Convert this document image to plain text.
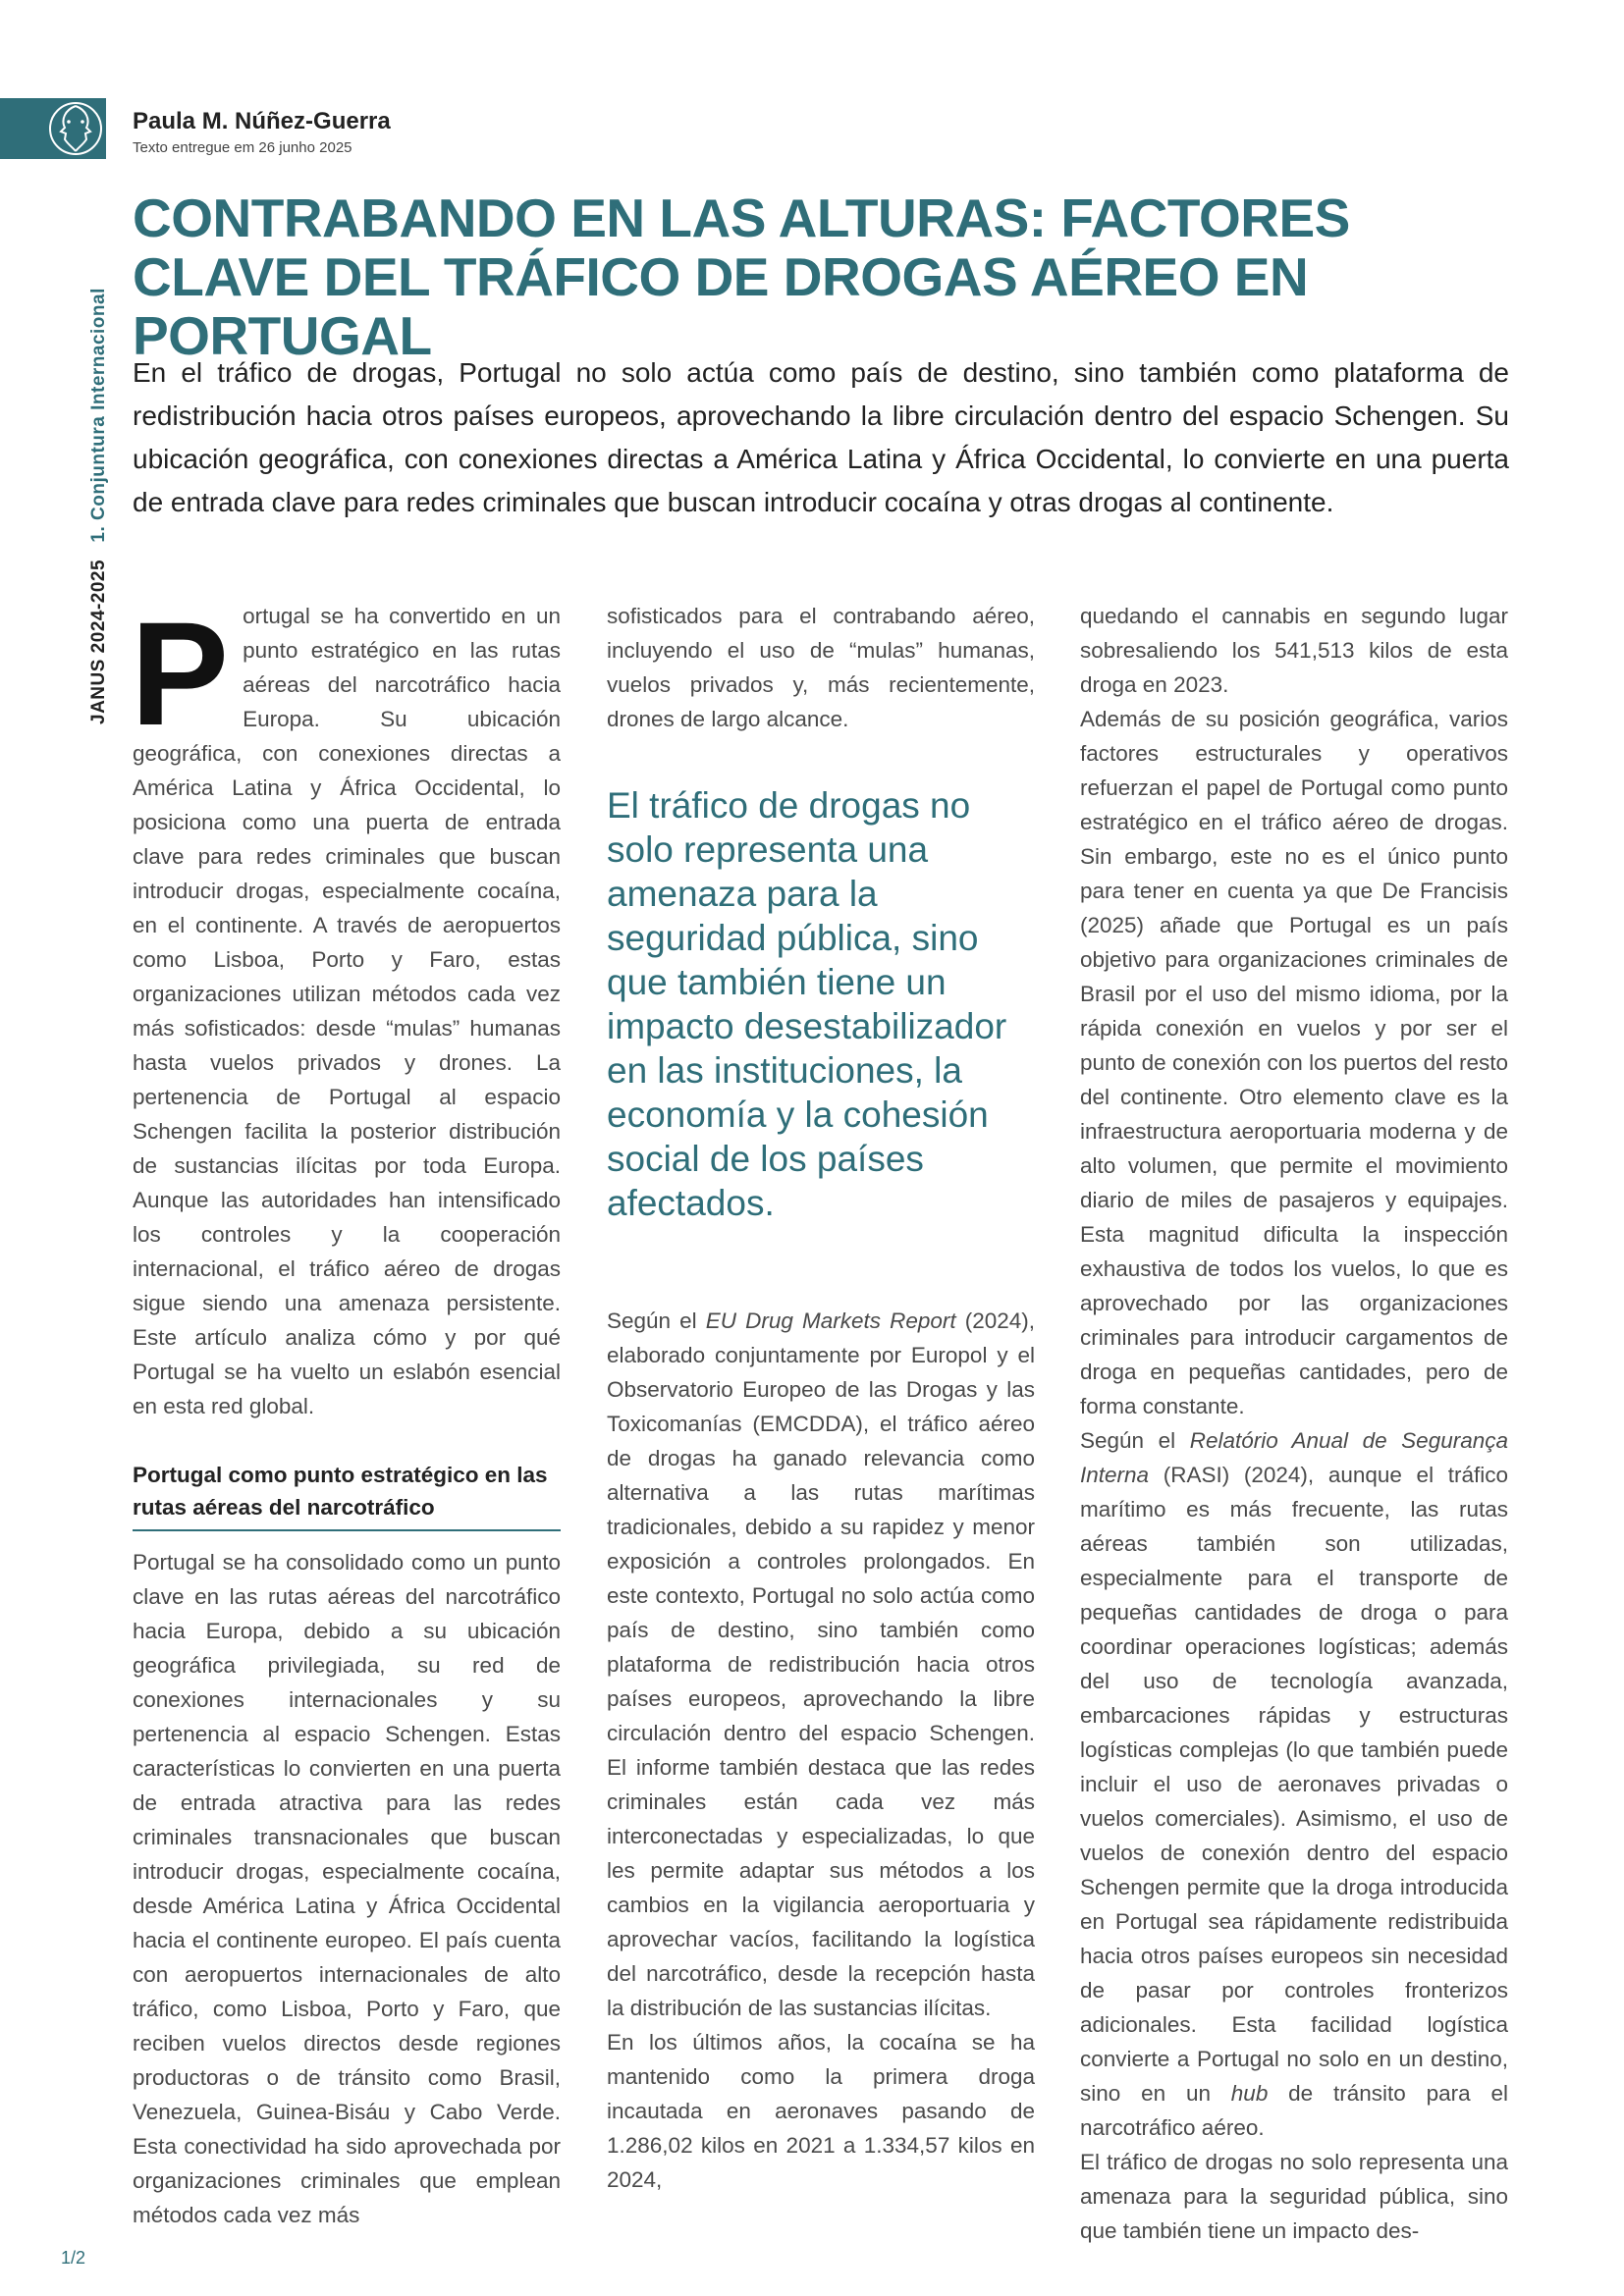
Paula M. Núñez-Guerra
Texto entregue em 26 junho 2025
JANUS 2024-2025   1. Conjuntura Internacional
CONTRABANDO EN LAS ALTURAS: FACTORES CLAVE DEL TRÁFICO DE DROGAS AÉREO EN PORTUGAL

En el tráfico de drogas, Portugal no solo actúa como país de destino, sino también como plataforma de redistribución hacia otros países europeos, aprovechando la libre circulación dentro del espacio Schengen. Su ubicación geográfica, con conexiones directas a América Latina y África Occidental, lo convierte en una puerta de entrada clave para redes criminales que buscan introducir cocaína y otras drogas al continente.

Portugal se ha convertido en un punto estratégico en las rutas aéreas del narcotráfico hacia Europa. Su ubicación geográfica, con conexiones directas a América Latina y África Occidental, lo posiciona como una puerta de entrada clave para redes criminales que buscan introducir drogas, especialmente cocaína, en el continente. A través de aeropuertos como Lisboa, Porto y Faro, estas organizaciones utilizan métodos cada vez más sofisticados: desde “mulas” humanas hasta vuelos privados y drones. La pertenencia de Portugal al espacio Schengen facilita la posterior distribución de sustancias ilícitas por toda Europa. Aunque las autoridades han intensificado los controles y la cooperación internacional, el tráfico aéreo de drogas sigue siendo una amenaza persistente. Este artículo analiza cómo y por qué Portugal se ha vuelto un eslabón esencial en esta red global.

Portugal como punto estratégico en las rutas aéreas del narcotráfico

Portugal se ha consolidado como un punto clave en las rutas aéreas del narcotráfico hacia Europa, debido a su ubicación geográfica privilegiada, su red de conexiones internacionales y su pertenencia al espacio Schengen. Estas características lo convierten en una puerta de entrada atractiva para las redes criminales transnacionales que buscan introducir drogas, especialmente cocaína, desde América Latina y África Occidental hacia el continente europeo. El país cuenta con aeropuertos internacionales de alto tráfico, como Lisboa, Porto y Faro, que reciben vuelos directos desde regiones productoras o de tránsito como Brasil, Venezuela, Guinea-Bisáu y Cabo Verde. Esta conectividad ha sido aprovechada por organizaciones criminales que emplean métodos cada vez más

sofisticados para el contrabando aéreo, incluyendo el uso de “mulas” humanas, vuelos privados y, más recientemente, drones de largo alcance.

El tráfico de drogas no solo representa una amenaza para la seguridad pública, sino que también tiene un impacto desestabilizador en las instituciones, la economía y la cohesión social de los países afectados.

Según el EU Drug Markets Report (2024), elaborado conjuntamente por Europol y el Observatorio Europeo de las Drogas y las Toxicomanías (EMCDDA), el tráfico aéreo de drogas ha ganado relevancia como alternativa a las rutas marítimas tradicionales, debido a su rapidez y menor exposición a controles prolongados. En este contexto, Portugal no solo actúa como país de destino, sino también como plataforma de redistribución hacia otros países europeos, aprovechando la libre circulación dentro del espacio Schengen. El informe también destaca que las redes criminales están cada vez más interconectadas y especializadas, lo que les permite adaptar sus métodos a los cambios en la vigilancia aeroportuaria y aprovechar vacíos, facilitando la logística del narcotráfico, desde la recepción hasta la distribución de las sustancias ilícitas.

En los últimos años, la cocaína se ha mantenido como la primera droga incautada en aeronaves pasando de 1.286,02 kilos en 2021 a 1.334,57 kilos en 2024,

quedando el cannabis en segundo lugar sobresaliendo los 541,513 kilos de esta droga en 2023.

Además de su posición geográfica, varios factores estructurales y operativos refuerzan el papel de Portugal como punto estratégico en el tráfico aéreo de drogas. Sin embargo, este no es el único punto para tener en cuenta ya que De Francisis (2025) añade que Portugal es un país objetivo para organizaciones criminales de Brasil por el uso del mismo idioma, por la rápida conexión en vuelos y por ser el punto de conexión con los puertos del resto del continente. Otro elemento clave es la infraestructura aeroportuaria moderna y de alto volumen, que permite el movimiento diario de miles de pasajeros y equipajes. Esta magnitud dificulta la inspección exhaustiva de todos los vuelos, lo que es aprovechado por las organizaciones criminales para introducir cargamentos de droga en pequeñas cantidades, pero de forma constante.

Según el Relatório Anual de Segurança Interna (RASI) (2024), aunque el tráfico marítimo es más frecuente, las rutas aéreas también son utilizadas, especialmente para el transporte de pequeñas cantidades de droga o para coordinar operaciones logísticas; además del uso de tecnología avanzada, embarcaciones rápidas y estructuras logísticas complejas (lo que también puede incluir el uso de aeronaves privadas o vuelos comerciales). Asimismo, el uso de vuelos de conexión dentro del espacio Schengen permite que la droga introducida en Portugal sea rápidamente redistribuida hacia otros países europeos sin necesidad de pasar por controles fronterizos adicionales. Esta facilidad logística convierte a Portugal no solo en un destino, sino en un hub de tránsito para el narcotráfico aéreo.

El tráfico de drogas no solo representa una amenaza para la seguridad pública, sino que también tiene un impacto des-

1/2
